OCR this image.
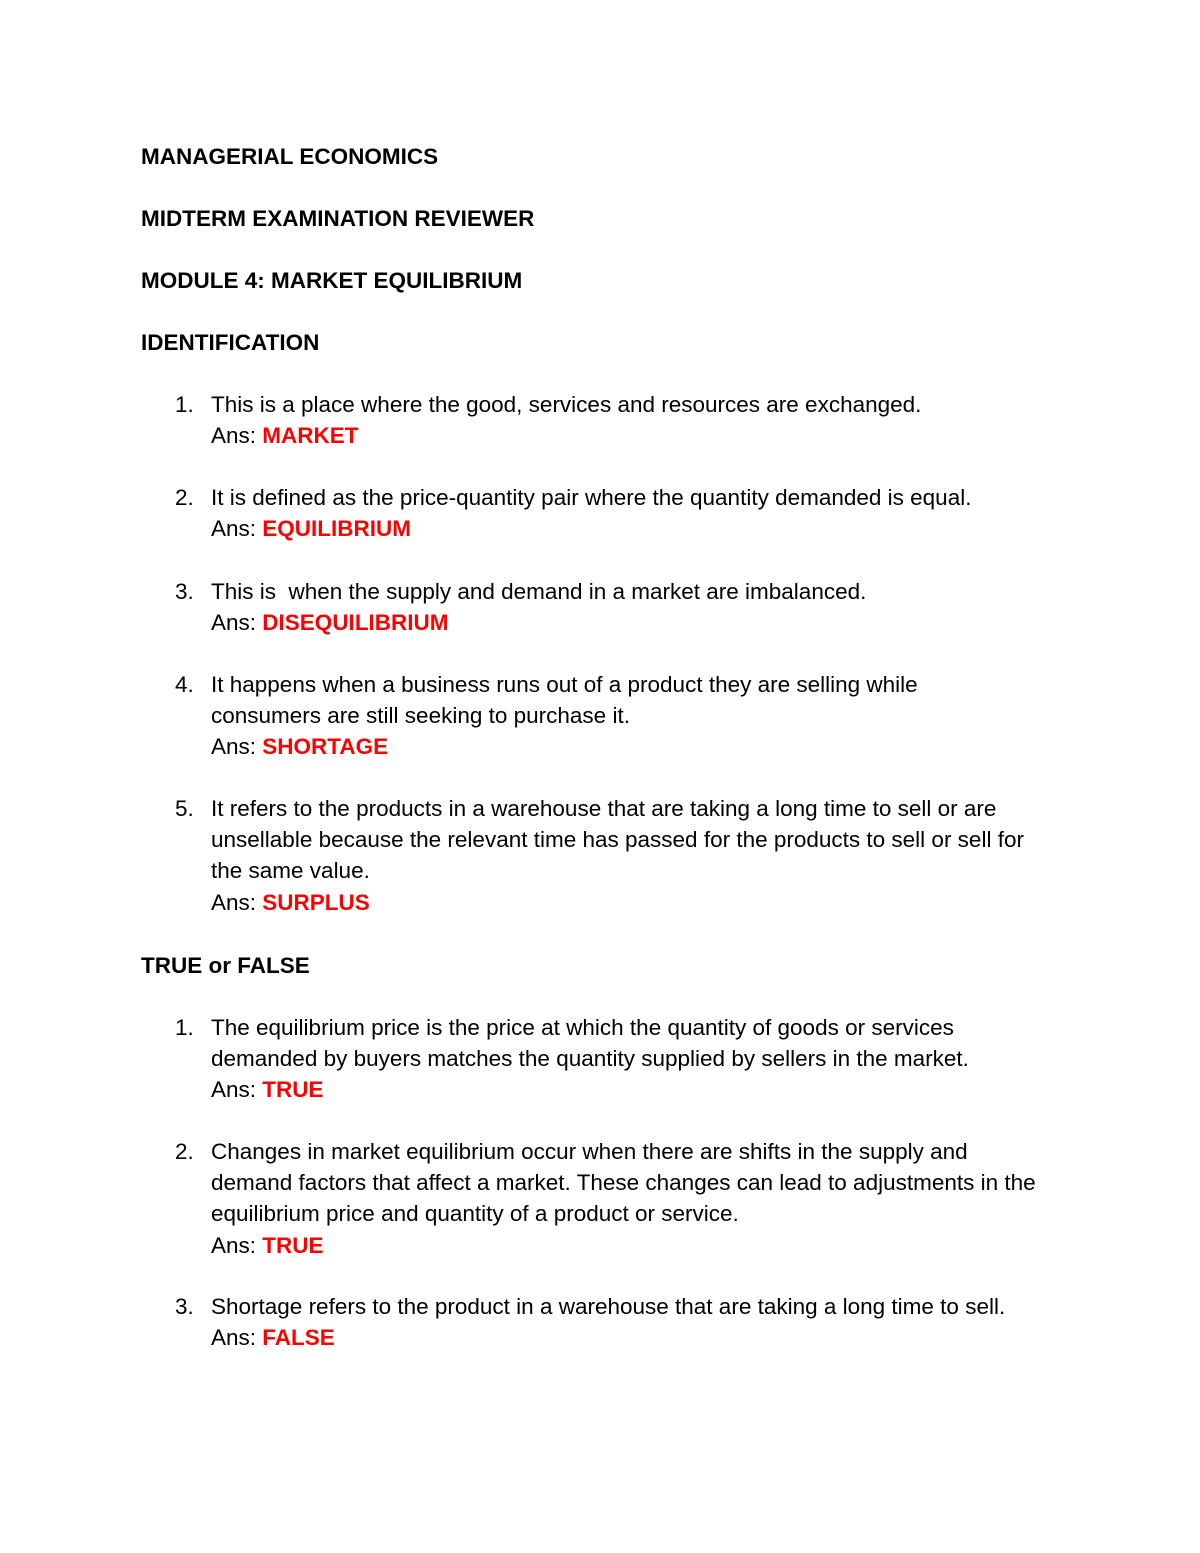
MANAGERIAL ECONOMICS
MIDTERM EXAMINATION REVIEWER
MODULE 4: MARKET EQUILIBRIUM
IDENTIFICATION
1. This is a place where the good, services and resources are exchanged.
Ans: MARKET
2. It is defined as the price-quantity pair where the quantity demanded is equal.
Ans: EQUILIBRIUM
3. This is  when the supply and demand in a market are imbalanced.
Ans: DISEQUILIBRIUM
4. It happens when a business runs out of a product they are selling while consumers are still seeking to purchase it.
Ans: SHORTAGE
5. It refers to the products in a warehouse that are taking a long time to sell or are unsellable because the relevant time has passed for the products to sell or sell for the same value.
Ans: SURPLUS
TRUE or FALSE
1. The equilibrium price is the price at which the quantity of goods or services demanded by buyers matches the quantity supplied by sellers in the market.
Ans: TRUE
2. Changes in market equilibrium occur when there are shifts in the supply and demand factors that affect a market. These changes can lead to adjustments in the equilibrium price and quantity of a product or service.
Ans: TRUE
3. Shortage refers to the product in a warehouse that are taking a long time to sell.
Ans: FALSE
